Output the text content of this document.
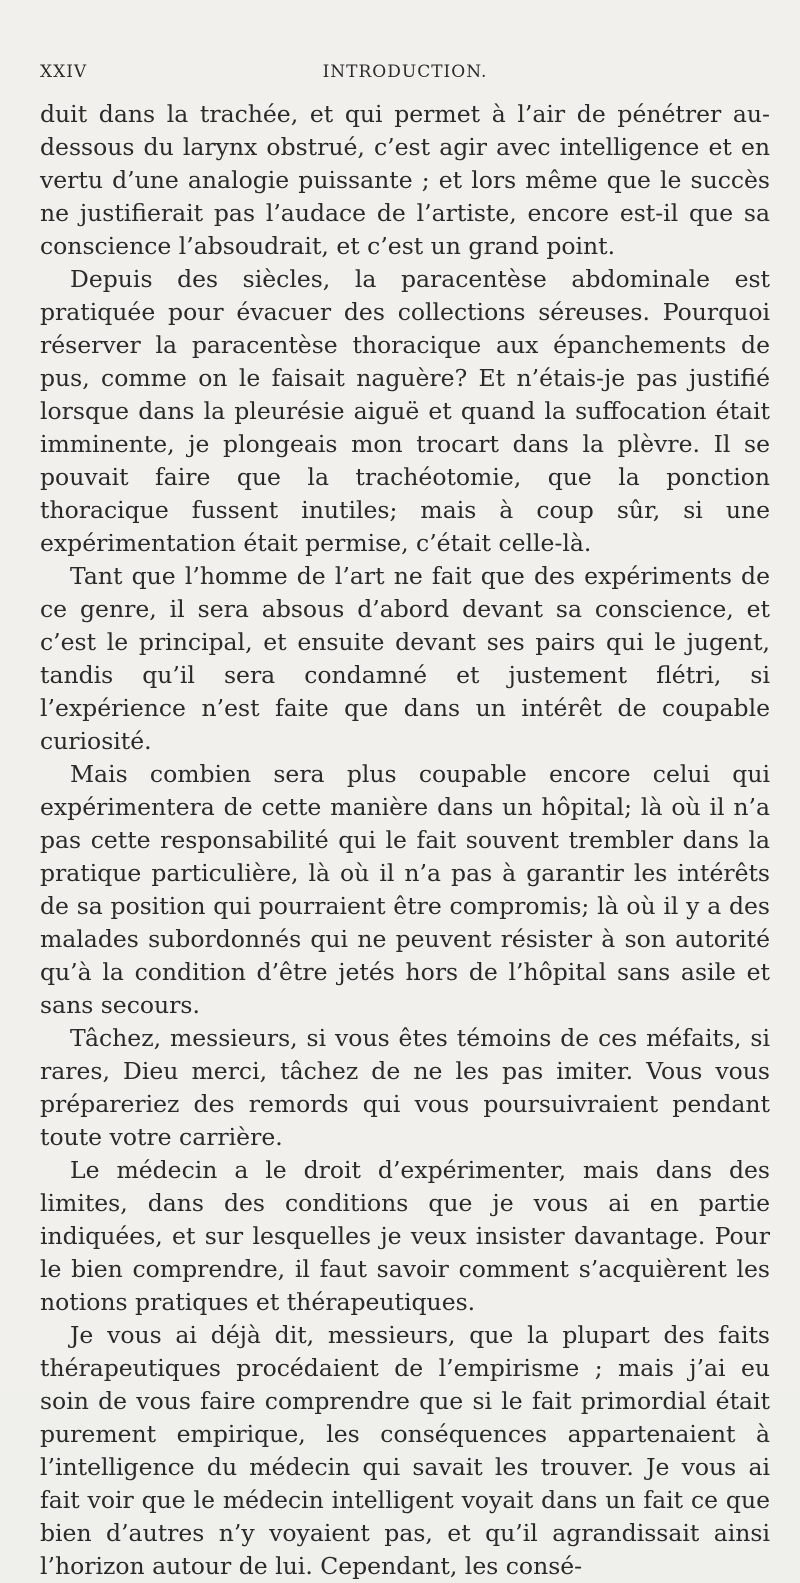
XXIV	INTRODUCTION.

duit dans la trachée, et qui permet à l’air de pénétrer au-dessous du larynx obstrué, c’est agir avec intelligence et en vertu d’une analogie puissante ; et lors même que le succès ne justifierait pas l’audace de l’artiste, encore est-il que sa conscience l’absoudrait, et c’est un grand point.

Depuis des siècles, la paracentèse abdominale est pratiquée pour évacuer des collections séreuses. Pourquoi réserver la paracentèse thoracique aux épanchements de pus, comme on le faisait naguère? Et n’étais-je pas justifié lorsque dans la pleurésie aiguë et quand la suffocation était imminente, je plongeais mon trocart dans la plèvre. Il se pouvait faire que la trachéotomie, que la ponction thoracique fussent inutiles; mais à coup sûr, si une expérimentation était permise, c’était celle-là.

Tant que l’homme de l’art ne fait que des expériments de ce genre, il sera absous d’abord devant sa conscience, et c’est le principal, et ensuite devant ses pairs qui le jugent, tandis qu’il sera condamné et justement flétri, si l’expérience n’est faite que dans un intérêt de coupable curiosité.

Mais combien sera plus coupable encore celui qui expérimentera de cette manière dans un hôpital; là où il n’a pas cette responsabilité qui le fait souvent trembler dans la pratique particulière, là où il n’a pas à garantir les intérêts de sa position qui pourraient être compromis; là où il y a des malades subordonnés qui ne peuvent résister à son autorité qu’à la condition d’être jetés hors de l’hôpital sans asile et sans secours.

Tâchez, messieurs, si vous êtes témoins de ces méfaits, si rares, Dieu merci, tâchez de ne les pas imiter. Vous vous prépareriez des remords qui vous poursuivraient pendant toute votre carrière.

Le médecin a le droit d’expérimenter, mais dans des limites, dans des conditions que je vous ai en partie indiquées, et sur lesquelles je veux insister davantage. Pour le bien comprendre, il faut savoir comment s’acquièrent les notions pratiques et thérapeutiques.

Je vous ai déjà dit, messieurs, que la plupart des faits thérapeutiques procédaient de l’empirisme ; mais j’ai eu soin de vous faire comprendre que si le fait primordial était purement empirique, les conséquences appartenaient à l’intelligence du médecin qui savait les trouver. Je vous ai fait voir que le médecin intelligent voyait dans un fait ce que bien d’autres n’y voyaient pas, et qu’il agrandissait ainsi l’horizon autour de lui. Cependant, les consé-
